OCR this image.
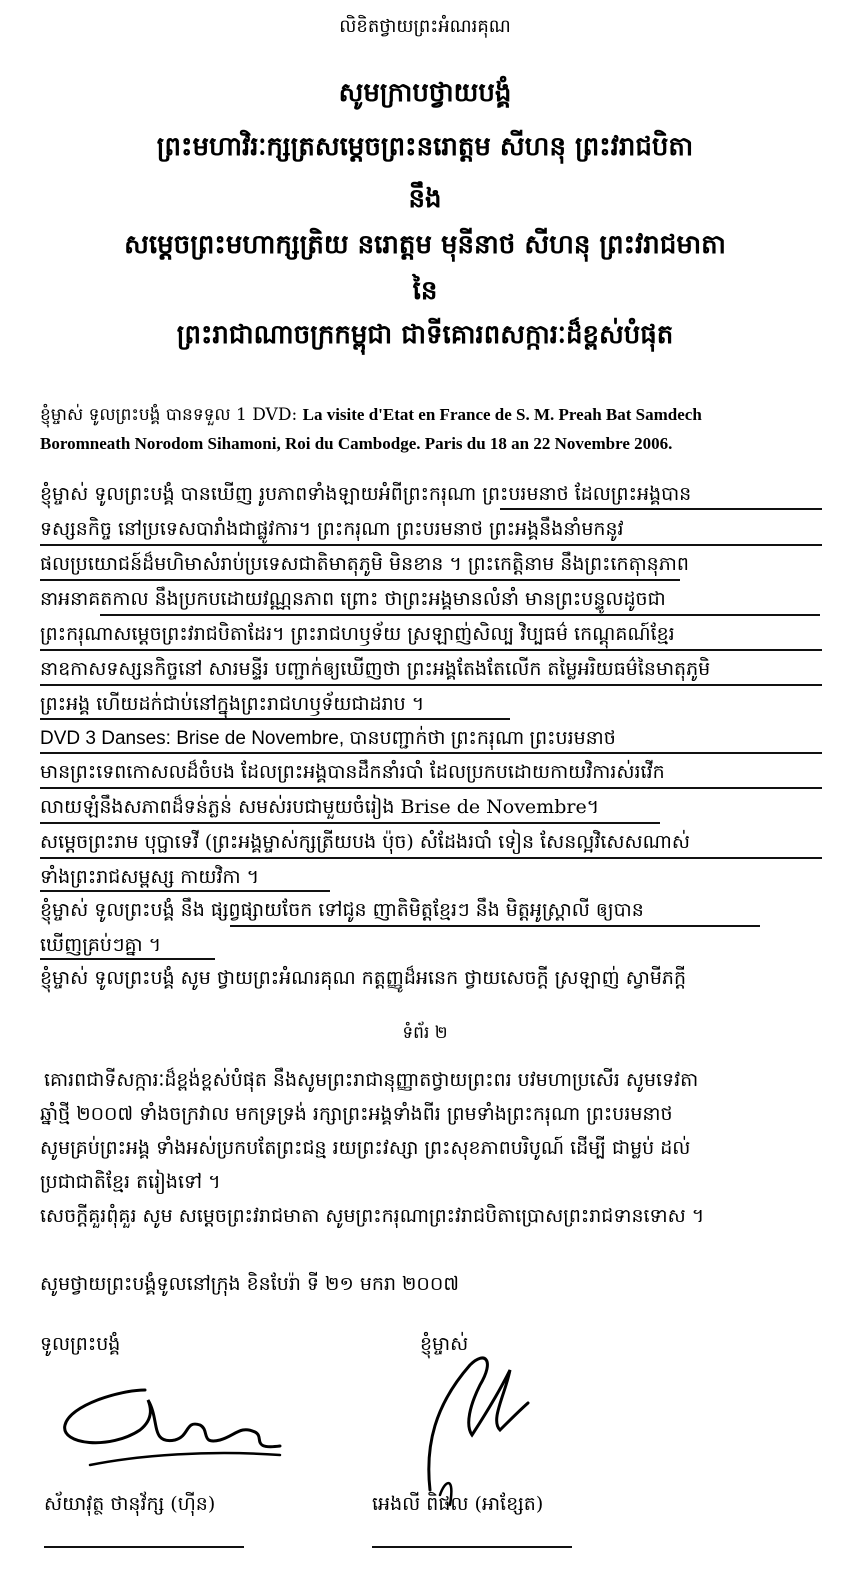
លិខិតថ្វាយព្រះអំណរគុណ
សូមក្រាបថ្វាយបង្គំ
ព្រះមហាវិរៈក្សត្រសម្តេចព្រះនរោត្តម សីហនុ ព្រះវរាជបិតា
នឹង
សម្តេចព្រះមហាក្សត្រិយ នរោត្តម មុនីនាថ សីហនុ ព្រះវរាជមាតា
នៃ
ព្រះរាជាណាចក្រកម្ពុជា ជាទីគោរពសក្ការៈដ៏ខ្ពស់បំផុត
ខ្ញុំម្ចាស់ ទូលព្រះបង្គំ បានទទួល 1 DVD: La visite d'Etat en France de S. M. Preah Bat Samdech
Boromneath Norodom Sihamoni, Roi du Cambodge. Paris du 18 an 22 Novembre 2006.
ខ្ញុំម្ចាស់ ទូលព្រះបង្គំ បានឃើញ រូបភាពទាំងឡាយអំពីព្រះករុណា ព្រះបរមនាថ ដែលព្រះអង្គបាន
ទស្សនកិច្ច នៅប្រទេសបារាំងជាផ្លូវការ។ ព្រះករុណា ព្រះបរមនាថ ព្រះអង្គនឹងនាំមកនូវ
ផលប្រយោជន៍ដ៏មហិមាសំរាប់ប្រទេសជាតិមាតុភូមិ មិនខាន ។ ព្រះកេត្តិនាម នឹងព្រះកេតុានុភាព
នាអនាគតកាល នឹងប្រកបដោយវណ្ណនភាព ព្រោះ ថាព្រះអង្គមានលំនាំ មានព្រះបន្ទូលដូចជា
ព្រះករុណាសម្តេចព្រះវរាជបិតាដែរ។ ព្រះរាជហឫទ័យ ស្រឡាញ់សិល្ប វិប្បធម៌ កេណ្តុគណ៍ខ្មែរ
នាឧកាសទស្សនកិច្ចនៅ សារមន្ទីរ បញ្ជាក់ឲ្យឃើញថា ព្រះអង្គតែងតែលើក តម្លៃអរិយធម៌នៃមាតុភូមិ
ព្រះអង្គ ហើយដក់ជាប់នៅក្នុងព្រះរាជហឫទ័យជាដរាប ។
DVD 3 Danses: Brise de Novembre, បានបញ្ជាក់ថា ព្រះករុណា ព្រះបរមនាថ
មានព្រះទេពកោសលដ៏ចំបង ដែលព្រះអង្គបានដឹកនាំរបាំ ដែលប្រកបដោយកាយវិការស់រវើក
លាយឡំនឹងសភាពដ៏ទន់ភ្លន់ សមស់របជាមួយចំរៀង Brise de Novembre។
សម្តេចព្រះរាម បុប្ផាទេវី (ព្រះអង្គម្ចាស់ក្សត្រីយបង ប៉ុច) សំដែងរបាំ ទៀន សែនល្អវិសេសណាស់
ទាំងព្រះរាជសម្ពស្ស កាយវិកា ។
ខ្ញុំម្ចាស់ ទូលព្រះបង្គំ នឹង ផ្សព្វផ្សាយចែក ទៅជូន ញាតិមិត្តខ្មែរៗ នឹង មិត្តអូស្ត្រាលី ឲ្យបាន
ឃើញគ្រប់ៗគ្នា ។
ខ្ញុំម្ចាស់ ទូលព្រះបង្គំ សូម ថ្វាយព្រះអំណរគុណ កត្តញ្ញូដ៏អនេក ថ្វាយសេចក្តី ស្រឡាញ់ ស្វាមីភក្តី
ទំព័រ ២
គោរពជាទីសក្ការៈដ៏ខ្ពង់ខ្ពស់បំផុត នឹងសូមព្រះរាជានុញ្ញាតថ្វាយព្រះពរ បវមហាប្រសើរ សូមទេវតា
ឆ្នាំថ្មី ២០០៧ ទាំងចក្រវាល មកទ្រទ្រង់ រក្សាព្រះអង្គទាំងពីរ ព្រមទាំងព្រះករុណា ព្រះបរមនាថ
សូមគ្រប់ព្រះអង្គ ទាំងអស់ប្រកបតែព្រះជន្ម រយព្រះវស្សា ព្រះសុខភាពបរិបូណ៍ ដើម្បី ជាម្លប់ ដល់
ប្រជាជាតិខ្មែរ តរៀងទៅ ។
សេចក្តីគួរពុំគួរ សូម សម្តេចព្រះវរាជមាតា សូមព្រះករុណាព្រះវរាជបិតាប្រោសព្រះរាជទានទោស ។
សូមថ្វាយព្រះបង្គំទូលនៅក្រុង ខិនបែរ៉ា ទី ២១ មករា ២០០៧
ទូលព្រះបង្គំ	ខ្ញុំម្ចាស់
ស័យាវុត្ថ ថានុវ័ក្ស (ហ៊ីន)	អេងលី ពិផល (អាខ្សែត)
